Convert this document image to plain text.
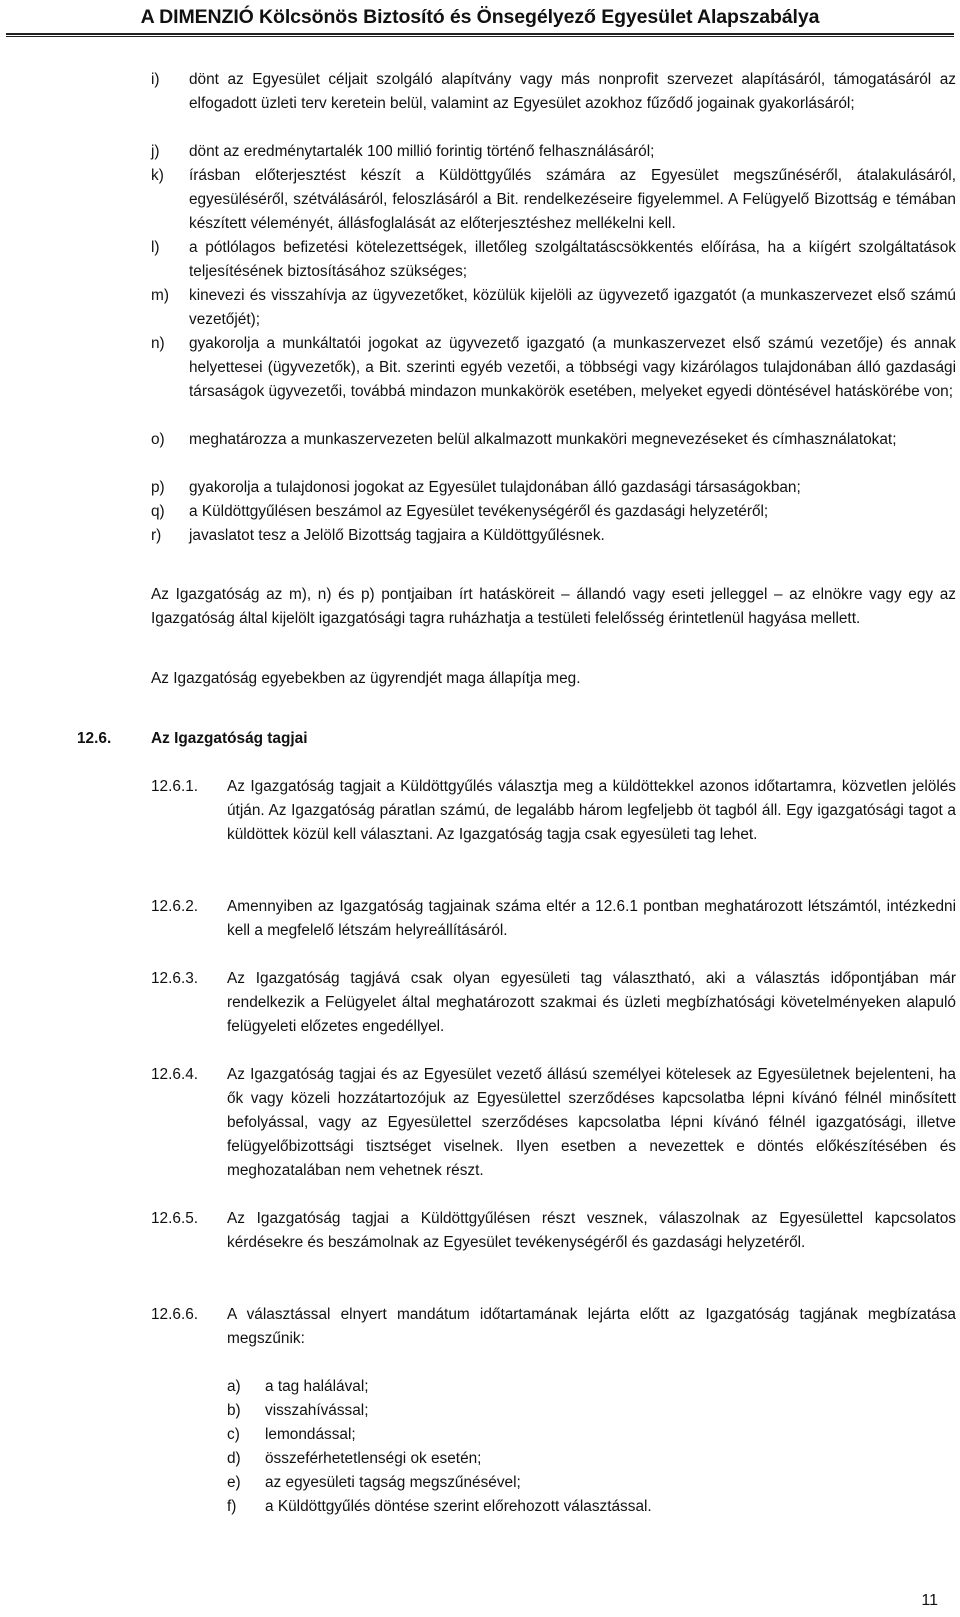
A DIMENZIÓ Kölcsönös Biztosító és Önsegélyező Egyesület Alapszabálya
i) dönt az Egyesület céljait szolgáló alapítvány vagy más nonprofit szervezet alapításáról, támogatásáról az elfogadott üzleti terv keretein belül, valamint az Egyesület azokhoz fűződő jogainak gyakorlásáról;
j) dönt az eredménytartalék 100 millió forintig történő felhasználásáról;
k) írásban előterjesztést készít a Küldöttgyűlés számára az Egyesület megszűnéséről, átalakulásáról, egyesüléséről, szétválásáról, feloszlásáról a Bit. rendelkezéseire figyelemmel. A Felügyelő Bizottság e témában készített véleményét, állásfoglalását az előterjesztéshez mellékelni kell.
l) a pótlólagos befizetési kötelezettségek, illetőleg szolgáltatáscsökkentés előírása, ha a kiígért szolgáltatások teljesítésének biztosításához szükséges;
m) kinevezi és visszahívja az ügyvezetőket, közülük kijelöli az ügyvezető igazgatót (a munkaszervezet első számú vezetőjét);
n) gyakorolja a munkáltatói jogokat az ügyvezető igazgató (a munkaszervezet első számú vezetője) és annak helyettesei (ügyvezetők), a Bit. szerinti egyéb vezetői, a többségi vagy kizárólagos tulajdonában álló gazdasági társaságok ügyvezetői, továbbá mindazon munkakörök esetében, melyeket egyedi döntésével hatáskörébe von;
o) meghatározza a munkaszervezeten belül alkalmazott munkaköri megnevezéseket és címhasználatokat;
p) gyakorolja a tulajdonosi jogokat az Egyesület tulajdonában álló gazdasági társaságokban;
q) a Küldöttgyűlésen beszámol az Egyesület tevékenységéről és gazdasági helyzetéről;
r) javaslatot tesz a Jelölő Bizottság tagjaira a Küldöttgyűlésnek.
Az Igazgatóság az m), n) és p) pontjaiban írt hatásköreit – állandó vagy eseti jelleggel – az elnökre vagy egy az Igazgatóság által kijelölt igazgatósági tagra ruházhatja a testületi felelősség érintetlenül hagyása mellett.
Az Igazgatóság egyebekben az ügyrendjét maga állapítja meg.
12.6.	Az Igazgatóság tagjai
12.6.1. Az Igazgatóság tagjait a Küldöttgyűlés választja meg a küldöttekkel azonos időtartamra, közvetlen jelölés útján. Az Igazgatóság páratlan számú, de legalább három legfeljebb öt tagból áll. Egy igazgatósági tagot a küldöttek közül kell választani. Az Igazgatóság tagja csak egyesületi tag lehet.
12.6.2. Amennyiben az Igazgatóság tagjainak száma eltér a 12.6.1 pontban meghatározott létszámtól, intézkedni kell a megfelelő létszám helyreállításáról.
12.6.3. Az Igazgatóság tagjává csak olyan egyesületi tag választható, aki a választás időpontjában már rendelkezik a Felügyelet által meghatározott szakmai és üzleti megbízhatósági követelményeken alapuló felügyeleti előzetes engedéllyel.
12.6.4. Az Igazgatóság tagjai és az Egyesület vezető állású személyei kötelesek az Egyesületnek bejelenteni, ha ők vagy közeli hozzátartozójuk az Egyesülettel szerződéses kapcsolatba lépni kívánó félnél minősített befolyással, vagy az Egyesülettel szerződéses kapcsolatba lépni kívánó félnél igazgatósági, illetve felügyelőbizottsági tisztséget viselnek. Ilyen esetben a nevezettek e döntés előkészítésében és meghozatalában nem vehetnek részt.
12.6.5. Az Igazgatóság tagjai a Küldöttgyűlésen részt vesznek, válaszolnak az Egyesülettel kapcsolatos kérdésekre és beszámolnak az Egyesület tevékenységéről és gazdasági helyzetéről.
12.6.6. A választással elnyert mandátum időtartamának lejárta előtt az Igazgatóság tagjának megbízatása megszűnik:
a) a tag halálával;
b) visszahívással;
c) lemondással;
d) összeférhetetlenségi ok esetén;
e) az egyesületi tagság megszűnésével;
f) a Küldöttgyűlés döntése szerint előrehozott választással.
11
